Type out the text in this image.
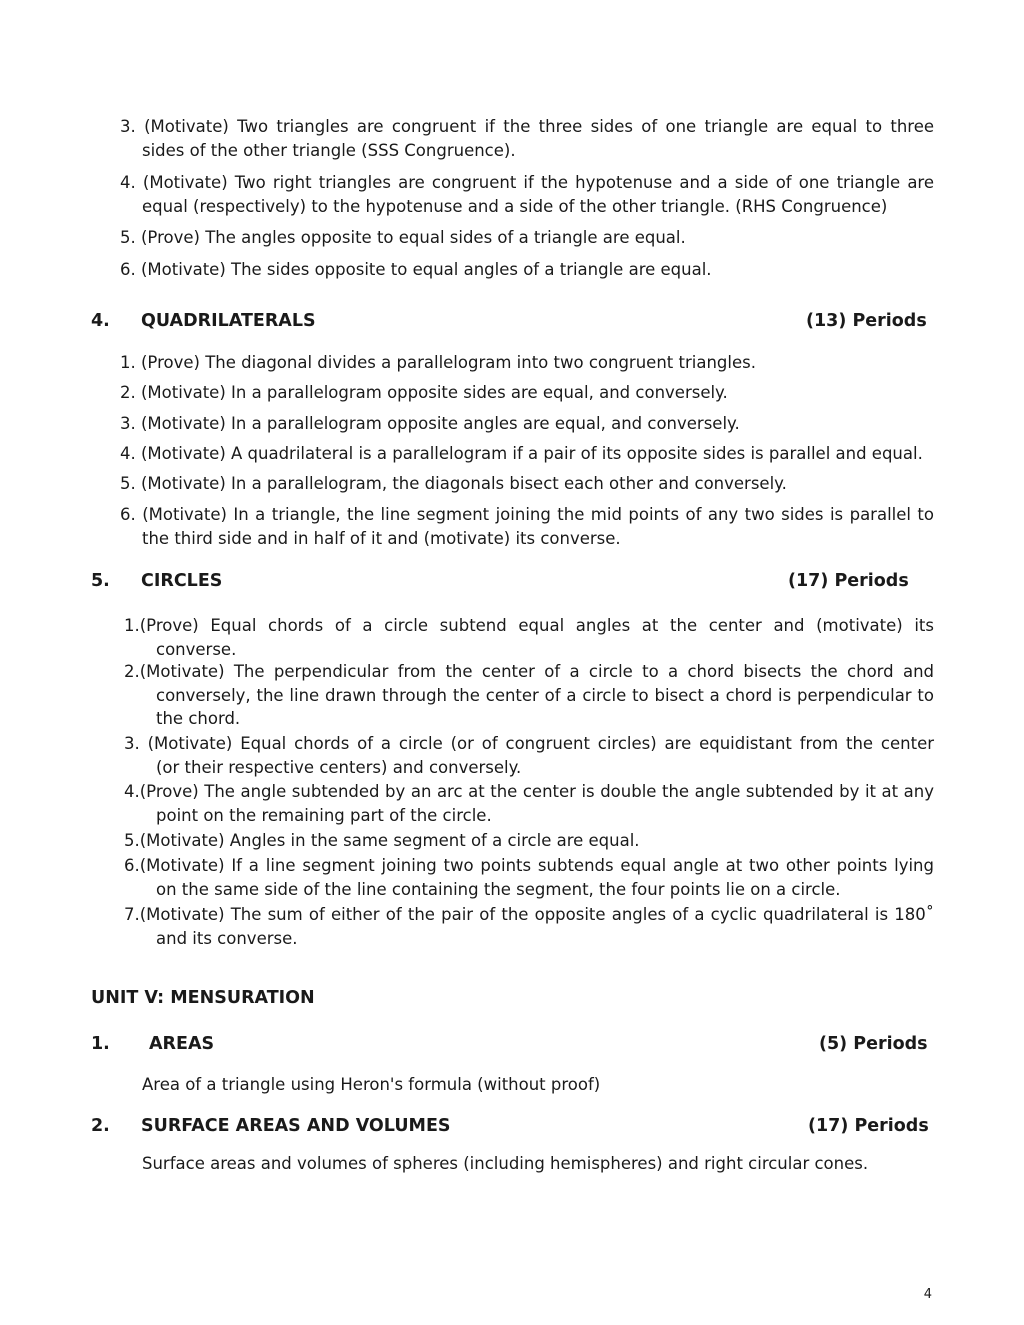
3. (Motivate) Two triangles are congruent if the three sides of one triangle are equal to three
sides of the other triangle (SSS Congruence).
4. (Motivate) Two right triangles are congruent if the hypotenuse and a side of one triangle are
equal (respectively) to the hypotenuse and a side of the other triangle. (RHS Congruence)
5. (Prove) The angles opposite to equal sides of a triangle are equal.
6. (Motivate) The sides opposite to equal angles of a triangle are equal.
4. QUADRILATERALS	(13) Periods
1. (Prove) The diagonal divides a parallelogram into two congruent triangles.
2. (Motivate) In a parallelogram opposite sides are equal, and conversely.
3. (Motivate) In a parallelogram opposite angles are equal, and conversely.
4. (Motivate) A quadrilateral is a parallelogram if a pair of its opposite sides is parallel and equal.
5. (Motivate) In a parallelogram, the diagonals bisect each other and conversely.
6. (Motivate) In a triangle, the line segment joining the mid points of any two sides is parallel to
the third side and in half of it and (motivate) its converse.
5. CIRCLES	(17) Periods
1.(Prove) Equal chords of a circle subtend equal angles at the center and (motivate) its
converse.
2.(Motivate) The perpendicular from the center of a circle to a chord bisects the chord and
conversely, the line drawn through the center of a circle to bisect a chord is perpendicular to
the chord.
3. (Motivate) Equal chords of a circle (or of congruent circles) are equidistant from the center
(or their respective centers) and conversely.
4.(Prove) The angle subtended by an arc at the center is double the angle subtended by it at any
point on the remaining part of the circle.
5.(Motivate) Angles in the same segment of a circle are equal.
6.(Motivate) If a line segment joining two points subtends equal angle at two other points lying
on the same side of the line containing the segment, the four points lie on a circle.
7.(Motivate) The sum of either of the pair of the opposite angles of a cyclic quadrilateral is 180˚
and its converse.
UNIT V: MENSURATION
1. AREAS	(5) Periods
Area of a triangle using Heron's formula (without proof)
2. SURFACE AREAS AND VOLUMES	(17) Periods
Surface areas and volumes of spheres (including hemispheres) and right circular cones.
4
